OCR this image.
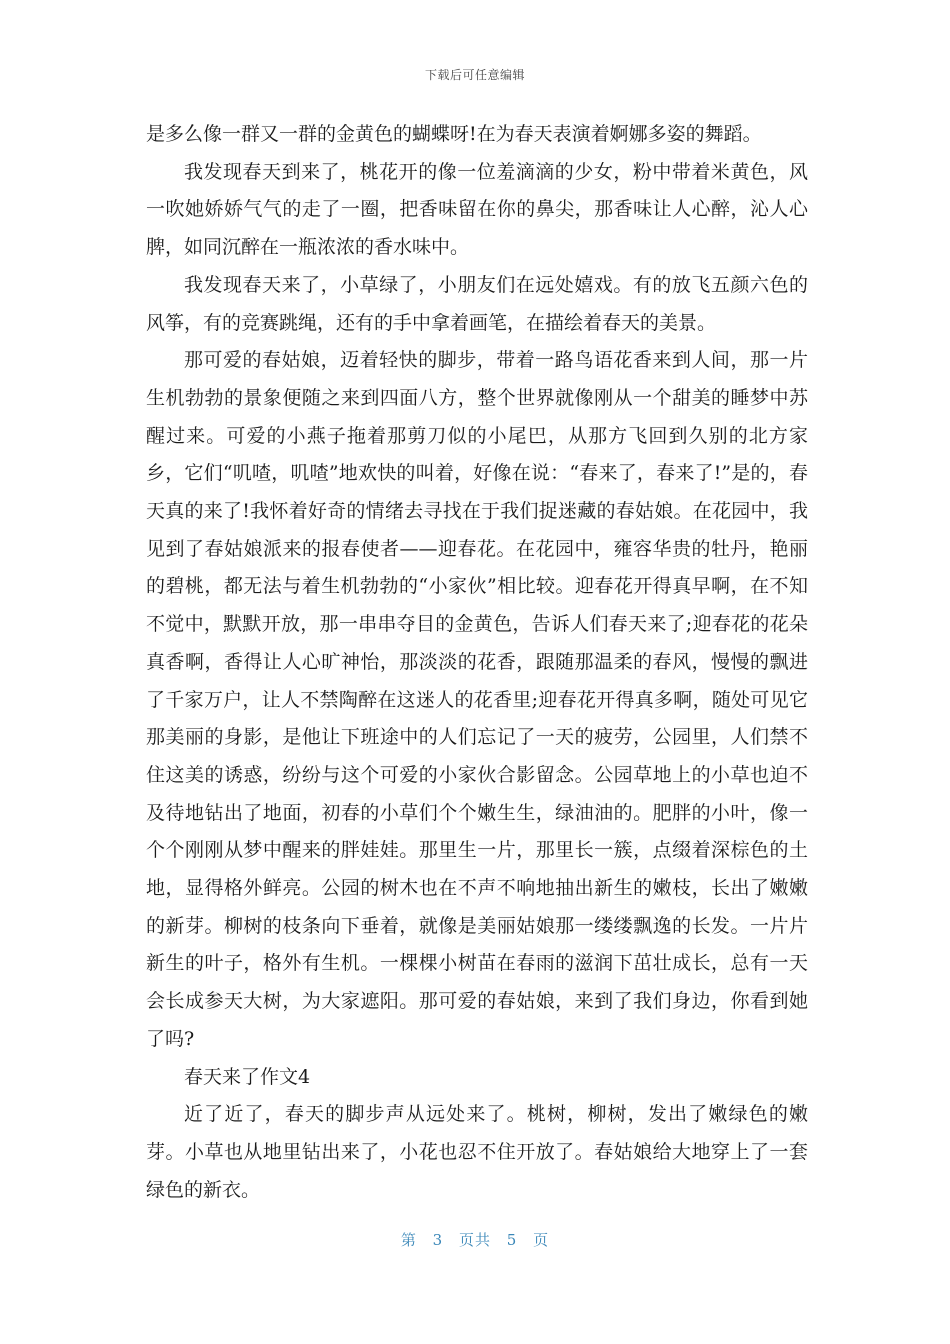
下载后可任意编辑

是多么像一群又一群的金黄色的蝴蝶呀!在为春天表演着婀娜多姿的舞蹈。

我发现春天到来了，桃花开的像一位羞滴滴的少女，粉中带着米黄色，风一吹她娇娇气气的走了一圈，把香味留在你的鼻尖，那香味让人心醉，沁人心脾，如同沉醉在一瓶浓浓的香水味中。

我发现春天来了，小草绿了，小朋友们在远处嬉戏。有的放飞五颜六色的风筝，有的竞赛跳绳，还有的手中拿着画笔，在描绘着春天的美景。

那可爱的春姑娘，迈着轻快的脚步，带着一路鸟语花香来到人间，那一片生机勃勃的景象便随之来到四面八方，整个世界就像刚从一个甜美的睡梦中苏醒过来。可爱的小燕子拖着那剪刀似的小尾巴，从那方飞回到久别的北方家乡，它们“叽喳，叽喳”地欢快的叫着，好像在说：“春来了，春来了!”是的，春天真的来了!我怀着好奇的情绪去寻找在于我们捉迷藏的春姑娘。在花园中，我见到了春姑娘派来的报春使者——迎春花。在花园中，雍容华贵的牡丹，艳丽的碧桃，都无法与着生机勃勃的“小家伙”相比较。迎春花开得真早啊，在不知不觉中，默默开放，那一串串夺目的金黄色，告诉人们春天来了;迎春花的花朵真香啊，香得让人心旷神怡，那淡淡的花香，跟随那温柔的春风，慢慢的飘进了千家万户，让人不禁陶醉在这迷人的花香里;迎春花开得真多啊，随处可见它那美丽的身影，是他让下班途中的人们忘记了一天的疲劳，公园里，人们禁不住这美的诱惑，纷纷与这个可爱的小家伙合影留念。公园草地上的小草也迫不及待地钻出了地面，初春的小草们个个嫩生生，绿油油的。肥胖的小叶，像一个个刚刚从梦中醒来的胖娃娃。那里生一片，那里长一簇，点缀着深棕色的土地，显得格外鲜亮。公园的树木也在不声不响地抽出新生的嫩枝，长出了嫩嫩的新芽。柳树的枝条向下垂着，就像是美丽姑娘那一缕缕飘逸的长发。一片片新生的叶子，格外有生机。一棵棵小树苗在春雨的滋润下茁壮成长，总有一天会长成参天大树，为大家遮阳。那可爱的春姑娘，来到了我们身边，你看到她了吗?

春天来了作文4

近了近了，春天的脚步声从远处来了。桃树，柳树，发出了嫩绿色的嫩芽。小草也从地里钻出来了，小花也忍不住开放了。春姑娘给大地穿上了一套绿色的新衣。

第 3 页共 5 页
